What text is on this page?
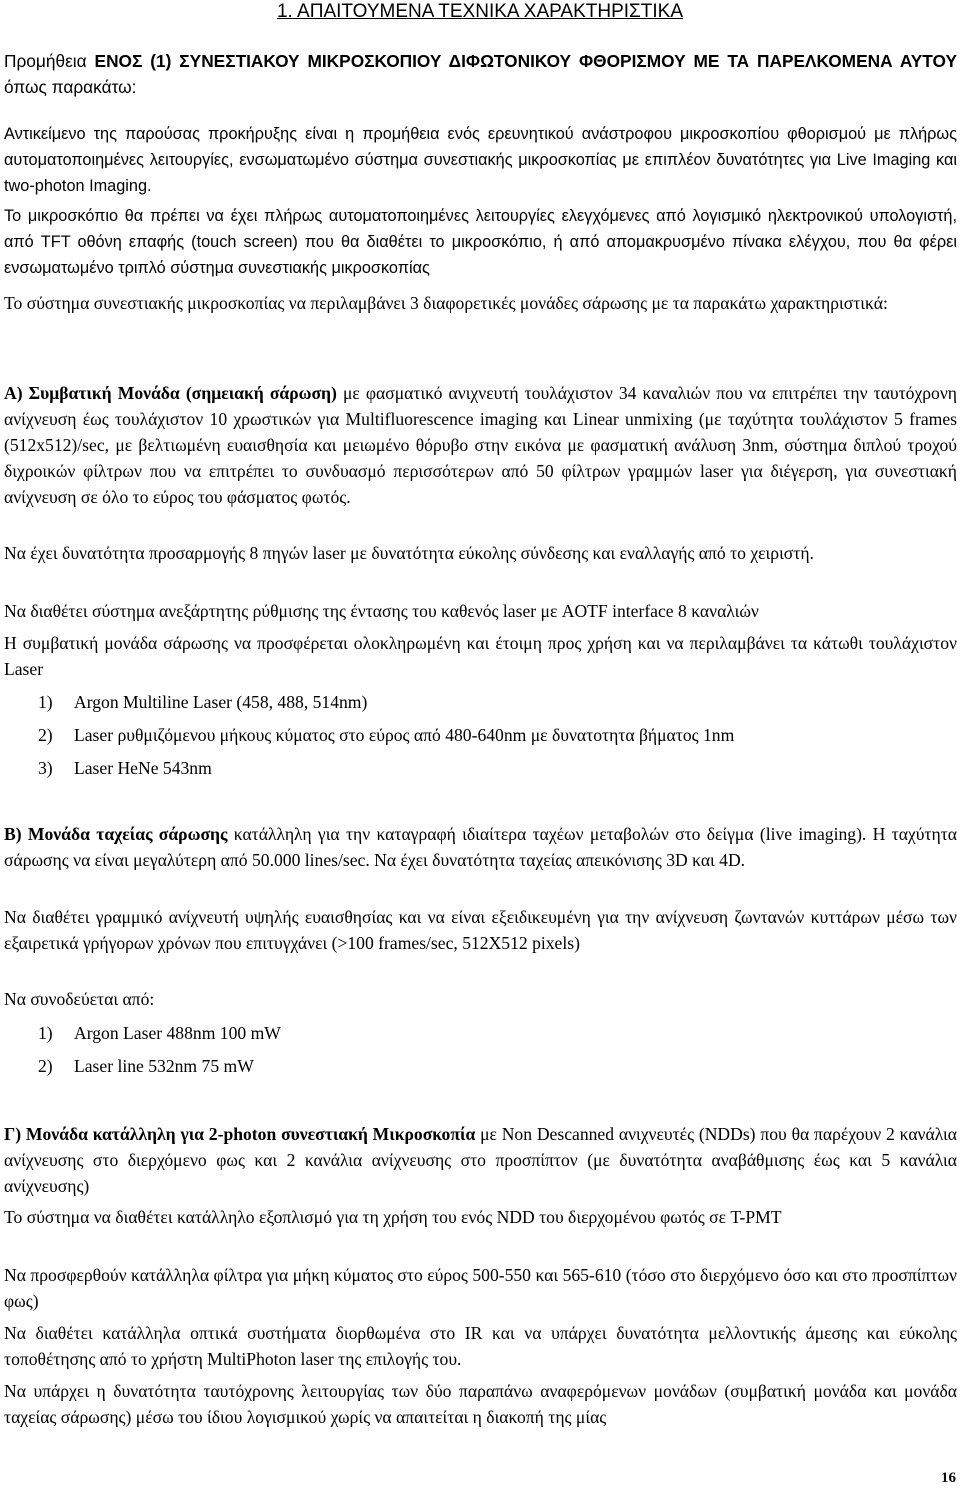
1. ΑΠΑΙΤΟΥΜΕΝΑ ΤΕΧΝΙΚΑ ΧΑΡΑΚΤΗΡΙΣΤΙΚΑ

Προμήθεια ΕΝΟΣ (1) ΣΥΝΕΣΤΙΑΚΟΥ ΜΙΚΡΟΣΚΟΠΙΟΥ ΔΙΦΩΤΟΝΙΚΟΥ ΦΘΟΡΙΣΜΟΥ ΜΕ ΤΑ ΠΑΡΕΛΚΟΜΕΝΑ ΑΥΤΟΥ όπως παρακάτω:

Αντικείμενο της παρούσας προκήρυξης είναι η προμήθεια ενός ερευνητικού ανάστροφου μικροσκοπίου φθορισμού με πλήρως αυτοματοποιημένες λειτουργίες, ενσωματωμένο σύστημα συνεστιακής μικροσκοπίας με επιπλέον δυνατότητες για Live Imaging και two-photon Imaging.

Το μικροσκόπιο θα πρέπει να έχει πλήρως αυτοματοποιημένες λειτουργίες ελεγχόμενες από λογισμικό ηλεκτρονικού υπολογιστή, από TFT οθόνη επαφής (touch screen) που θα διαθέτει το μικροσκόπιο, ή από απομακρυσμένο πίνακα ελέγχου, που θα φέρει ενσωματωμένο τριπλό σύστημα συνεστιακής μικροσκοπίας

Το σύστημα συνεστιακής μικροσκοπίας να περιλαμβάνει 3 διαφορετικές μονάδες σάρωσης με τα παρακάτω χαρακτηριστικά:

Α) Συμβατική Μονάδα (σημειακή σάρωση) με φασματικό ανιχνευτή τουλάχιστον 34 καναλιών που να επιτρέπει την ταυτόχρονη ανίχνευση έως τουλάχιστον 10 χρωστικών για Multifluorescence imaging και Linear unmixing (με ταχύτητα τουλάχιστον 5 frames (512x512)/sec, με βελτιωμένη ευαισθησία και μειωμένο θόρυβο στην εικόνα με φασματική ανάλυση 3nm, σύστημα διπλού τροχού διχροικών φίλτρων που να επιτρέπει το συνδυασμό περισσότερων από 50 φίλτρων γραμμών laser για διέγερση, για συνεστιακή ανίχνευση σε όλο το εύρος του φάσματος φωτός.

Να έχει δυνατότητα προσαρμογής 8 πηγών laser με δυνατότητα εύκολης σύνδεσης και εναλλαγής από το χειριστή.

Να διαθέτει σύστημα ανεξάρτητης ρύθμισης της έντασης του καθενός laser με AOTF interface 8 καναλιών

Η συμβατική μονάδα σάρωσης να προσφέρεται ολοκληρωμένη και έτοιμη προς χρήση και να περιλαμβάνει τα κάτωθι τουλάχιστον Laser

1) Argon Multiline Laser (458, 488, 514nm)
2) Laser ρυθμιζόμενου μήκους κύματος στο εύρος από 480-640nm με δυνατοτητα βήματος 1nm
3) Laser HeNe 543nm

Β) Μονάδα ταχείας σάρωσης κατάλληλη για την καταγραφή ιδιαίτερα ταχέων μεταβολών στο δείγμα (live imaging). Η ταχύτητα σάρωσης να είναι μεγαλύτερη από 50.000 lines/sec. Να έχει δυνατότητα ταχείας απεικόνισης 3D και 4D.

Να διαθέτει γραμμικό ανίχνευτή υψηλής ευαισθησίας και να είναι εξειδικευμένη για την ανίχνευση ζωντανών κυττάρων μέσω των εξαιρετικά γρήγορων χρόνων που επιτυγχάνει (>100 frames/sec, 512X512 pixels)

Να συνοδεύεται από:

1) Argon Laser 488nm 100 mW
2) Laser line 532nm 75 mW

Γ) Μονάδα κατάλληλη για 2-photon συνεστιακή Μικροσκοπία με Non Descanned ανιχνευτές (NDDs) που θα παρέχουν 2 κανάλια ανίχνευσης στο διερχόμενο φως και 2 κανάλια ανίχνευσης στο προσπίπτον (με δυνατότητα αναβάθμισης έως και 5 κανάλια ανίχνευσης)

Το σύστημα να διαθέτει κατάλληλο εξοπλισμό για τη χρήση του ενός NDD του διερχομένου φωτός σε T-PMT

Να προσφερθούν κατάλληλα φίλτρα για μήκη κύματος στο εύρος 500-550 και 565-610 (τόσο στο διερχόμενο όσο και στο προσπίπτων φως)

Να διαθέτει κατάλληλα οπτικά συστήματα διορθωμένα στο IR και να υπάρχει δυνατότητα μελλοντικής άμεσης και εύκολης τοποθέτησης από το χρήστη MultiPhoton laser της επιλογής του.

Να υπάρχει η δυνατότητα ταυτόχρονης λειτουργίας των δύο παραπάνω αναφερόμενων μονάδων (συμβατική μονάδα και μονάδα ταχείας σάρωσης) μέσω του ίδιου λογισμικού χωρίς να απαιτείται η διακοπή της μίας

16
